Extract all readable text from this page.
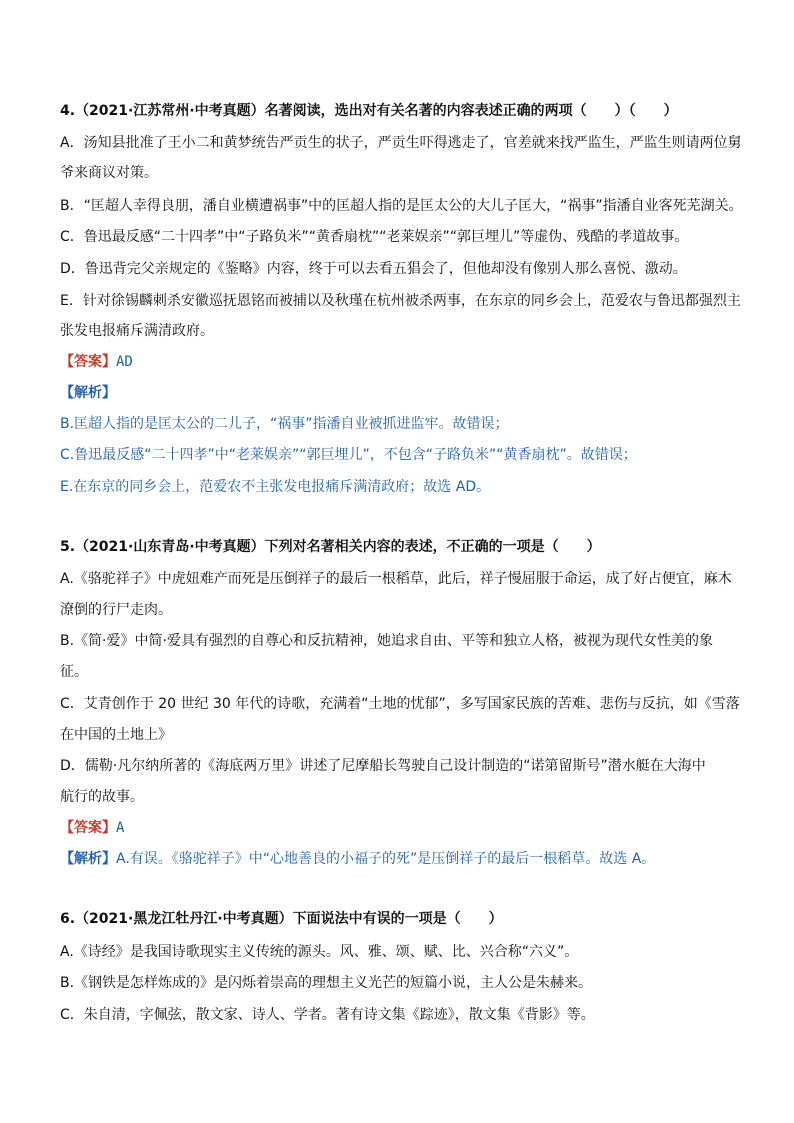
4.（2021·江苏常州·中考真题）名著阅读，选出对有关名著的内容表述正确的两项（　　）（　　）
A．汤知县批准了王小二和黄梦统告严贡生的状子，严贡生吓得逃走了，官差就来找严监生，严监生则请两位舅
爷来商议对策。
B．“匡超人幸得良朋，潘自业横遭祸事”中的匡超人指的是匡太公的大儿子匡大，“祸事”指潘自业客死芜湖关。
C．鲁迅最反感“二十四孝”中“子路负米”“黄香扇枕”“老莱娱亲”“郭巨埋儿”等虚伪、残酷的孝道故事。
D．鲁迅背完父亲规定的《鉴略》内容，终于可以去看五猖会了，但他却没有像别人那么喜悦、激动。
E．针对徐锡麟刺杀安徽巡抚恩铭而被捕以及秋瑾在杭州被杀两事，在东京的同乡会上，范爱农与鲁迅都强烈主
张发电报痛斥满清政府。
【答案】AD
【解析】
B.匡超人指的是匡太公的二儿子，“祸事”指潘自业被抓进监牢。故错误；
C.鲁迅最反感“二十四孝”中“老莱娱亲”“郭巨埋儿”，不包含“子路负米”“黄香扇枕”。故错误；
E.在东京的同乡会上，范爱农不主张发电报痛斥满清政府；故选 AD。
5.（2021·山东青岛·中考真题）下列对名著相关内容的表述，不正确的一项是（　　）
A.《骆驼祥子》中虎妞难产而死是压倒祥子的最后一根稻草，此后，祥子慢屈服于命运，成了好占便宜，麻木
潦倒的行尸走肉。
B.《简·爱》中简·爱具有强烈的自尊心和反抗精神，她追求自由、平等和独立人格，被视为现代女性美的象
征。
C．艾青创作于 20 世纪 30 年代的诗歌，充满着“土地的忧郁”，多写国家民族的苦难、悲伤与反抗，如《雪落
在中国的土地上》
D．儒勒·凡尔纳所著的《海底两万里》讲述了尼摩船长驾驶自己设计制造的“诺第留斯号”潜水艇在大海中
航行的故事。
【答案】A
【解析】A.有误。《骆驼祥子》中“心地善良的小福子的死”是压倒祥子的最后一根稻草。故选 A。
6.（2021·黑龙江牡丹江·中考真题）下面说法中有误的一项是（　　）
A.《诗经》是我国诗歌现实主义传统的源头。风、雅、颂、赋、比、兴合称“六义”。
B.《钢铁是怎样炼成的》是闪烁着崇高的理想主义光芒的短篇小说，主人公是朱赫来。
C．朱自清，字佩弦，散文家、诗人、学者。著有诗文集《踪迹》，散文集《背影》等。
